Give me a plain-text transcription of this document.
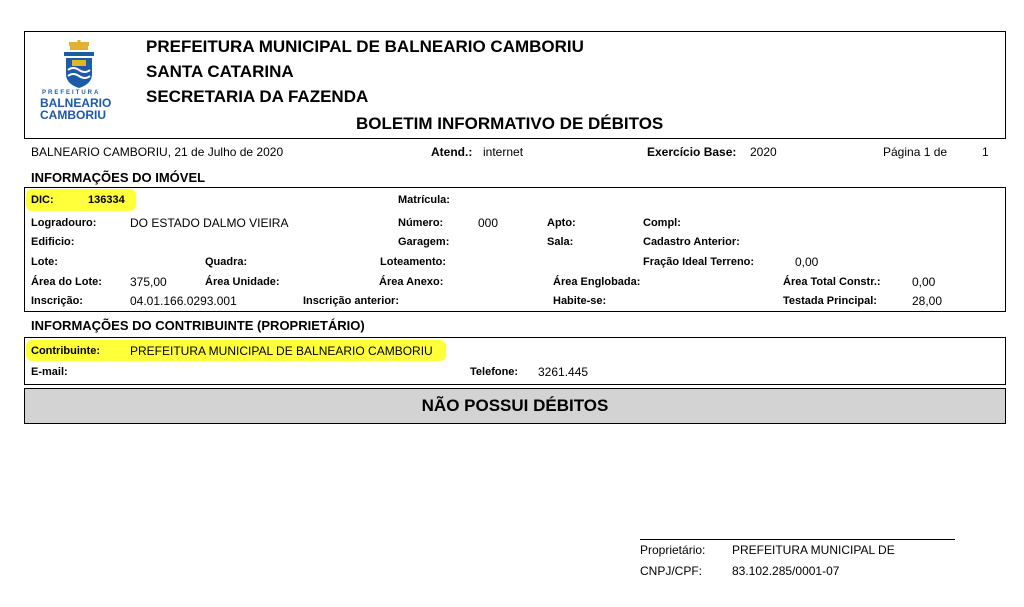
PREFEITURA
BALNEARIO
CAMBORIU
PREFEITURA MUNICIPAL DE BALNEARIO CAMBORIU
SANTA CATARINA
SECRETARIA DA FAZENDA
BOLETIM INFORMATIVO DE DÉBITOS
BALNEARIO CAMBORIU, 21 de Julho de 2020	Atend.: internet	Exercício Base: 2020	Página 1 de	1
INFORMAÇÕES DO IMÓVEL
DIC:	136334	Matrícula:
Logradouro:	DO ESTADO DALMO VIEIRA	Número:	000	Apto:	Compl:
Edificio:	Garagem:	Sala:	Cadastro Anterior:
Lote:	Quadra:	Loteamento:	Fração Ideal Terreno:	0,00
Área do Lote: 375,00	Área Unidade:	Área Anexo:	Área Englobada:	Área Total Constr.:	0,00
Inscrição:	04.01.166.0293.001	Inscrição anterior:	Habite-se:	Testada Principal:	28,00
INFORMAÇÕES DO CONTRIBUINTE (PROPRIETÁRIO)
Contribuinte: PREFEITURA MUNICIPAL DE BALNEARIO CAMBORIU
E-mail:	Telefone: 3261.445
NÃO POSSUI DÉBITOS
Proprietário: PREFEITURA MUNICIPAL DE
CNPJ/CPF: 83.102.285/0001-07
